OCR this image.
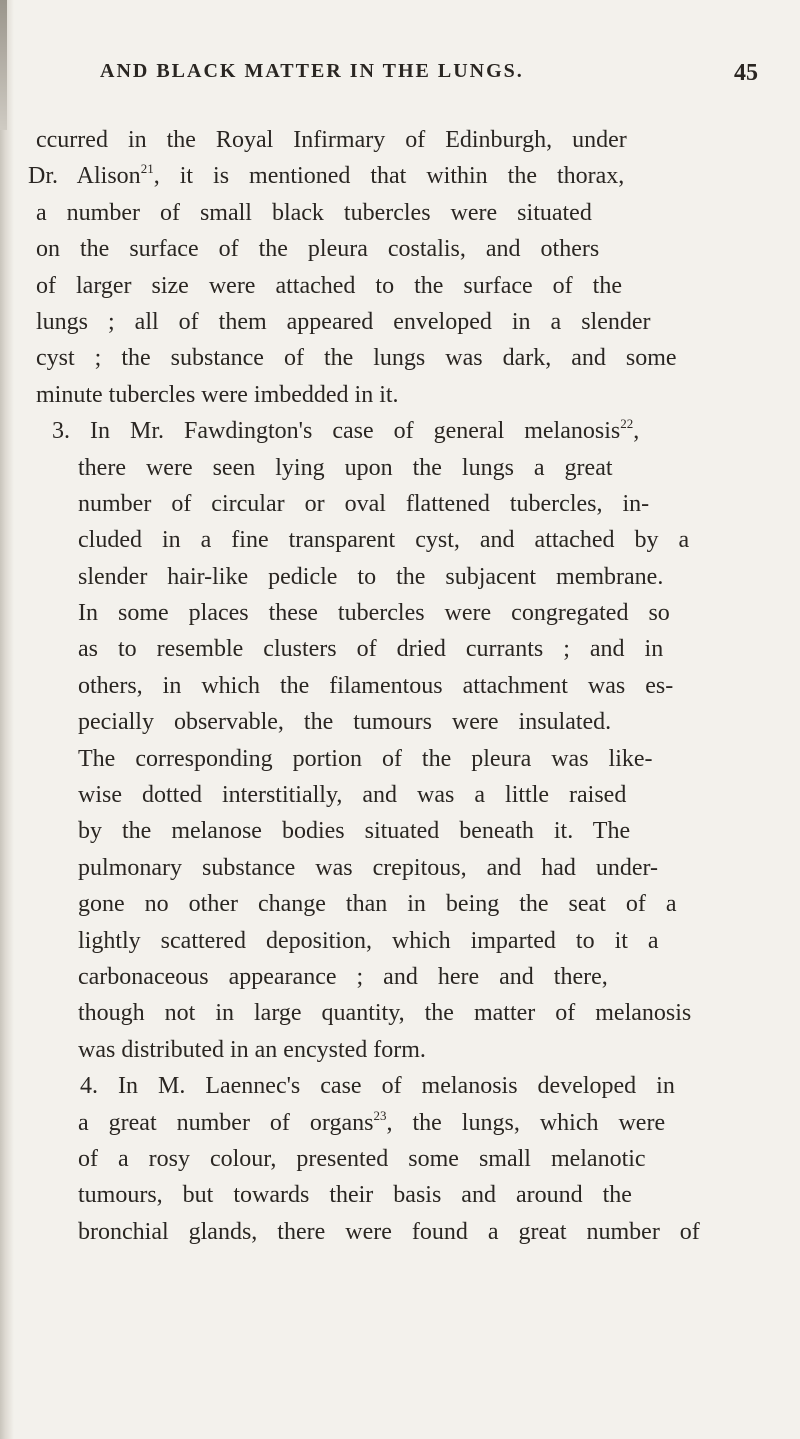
AND BLACK MATTER IN THE LUNGS.	45
ccurred in the Royal Infirmary of Edinburgh, under
Dr. Alison$^{21}$, it is mentioned that within the thorax,
a number of small black tubercles were situated
on the surface of the pleura costalis, and others
of larger size were attached to the surface of the
lungs ; all of them appeared enveloped in a slender
cyst ; the substance of the lungs was dark, and some
minute tubercles were imbedded in it.
3. In Mr. Fawdington's case of general melanosis$^{22}$,
there were seen lying upon the lungs a great
number of circular or oval flattened tubercles, in-
cluded in a fine transparent cyst, and attached by a
slender hair-like pedicle to the subjacent membrane.
In some places these tubercles were congregated so
as to resemble clusters of dried currants ; and in
others, in which the filamentous attachment was es-
pecially observable, the tumours were insulated.
The corresponding portion of the pleura was like-
wise dotted interstitially, and was a little raised
by the melanose bodies situated beneath it. The
pulmonary substance was crepitous, and had under-
gone no other change than in being the seat of a
lightly scattered deposition, which imparted to it a
carbonaceous appearance ; and here and there,
though not in large quantity, the matter of melanosis
was distributed in an encysted form.
4. In M. Laennec's case of melanosis developed in
a great number of organs$^{23}$, the lungs, which were
of a rosy colour, presented some small melanotic
tumours, but towards their basis and around the
bronchial glands, there were found a great number of
